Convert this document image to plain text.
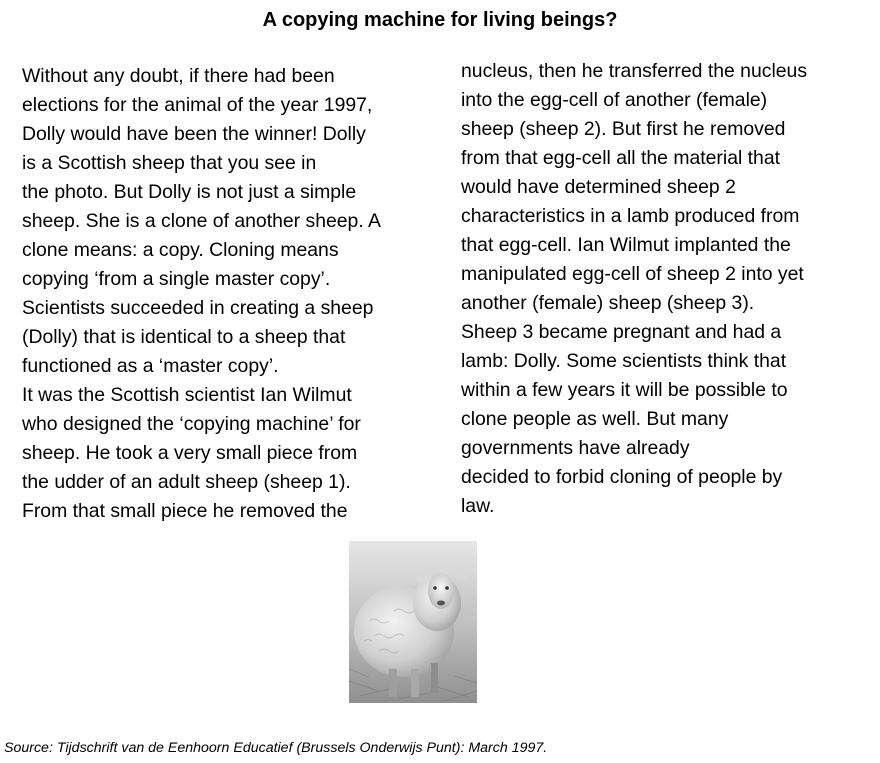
A copying machine for living beings?
Without any doubt, if there had been
elections for the animal of the year 1997,
Dolly would have been the winner! Dolly
is a Scottish sheep that you see in
the photo. But Dolly is not just a simple
sheep. She is a clone of another sheep. A
clone means: a copy. Cloning means
copying ‘from a single master copy’.
Scientists succeeded in creating a sheep
(Dolly) that is identical to a sheep that
functioned as a ‘master copy’.
It was the Scottish scientist Ian Wilmut
who designed the ‘copying machine’ for
sheep. He took a very small piece from
the udder of an adult sheep (sheep 1).
From that small piece he removed the
nucleus, then he transferred the nucleus
into the egg-cell of another (female)
sheep (sheep 2). But first he removed
from that egg-cell all the material that
would have determined sheep 2
characteristics in a lamb produced from
that egg-cell. Ian Wilmut implanted the
manipulated egg-cell of sheep 2 into yet
another (female) sheep (sheep 3).
Sheep 3 became pregnant and had a
lamb: Dolly. Some scientists think that
within a few years it will be possible to
clone people as well. But many
governments have already
decided to forbid cloning of people by
law.
Source: Tijdschrift van de Eenhoorn Educatief (Brussels Onderwijs Punt): March 1997.
